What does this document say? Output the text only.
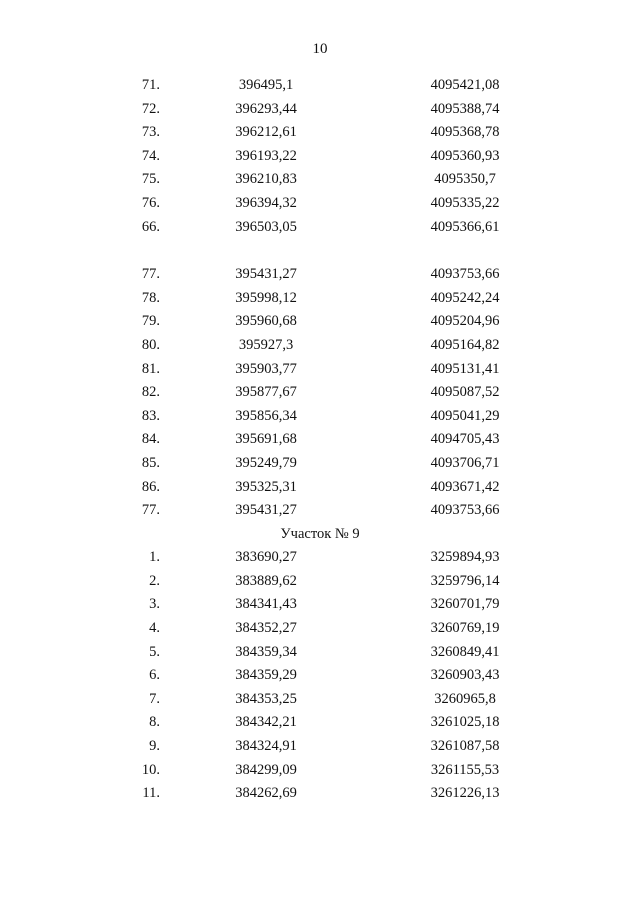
10
71.	396495,1	4095421,08
72.	396293,44	4095388,74
73.	396212,61	4095368,78
74.	396193,22	4095360,93
75.	396210,83	4095350,7
76.	396394,32	4095335,22
66.	396503,05	4095366,61
77.	395431,27	4093753,66
78.	395998,12	4095242,24
79.	395960,68	4095204,96
80.	395927,3	4095164,82
81.	395903,77	4095131,41
82.	395877,67	4095087,52
83.	395856,34	4095041,29
84.	395691,68	4094705,43
85.	395249,79	4093706,71
86.	395325,31	4093671,42
77.	395431,27	4093753,66
Участок № 9
1.	383690,27	3259894,93
2.	383889,62	3259796,14
3.	384341,43	3260701,79
4.	384352,27	3260769,19
5.	384359,34	3260849,41
6.	384359,29	3260903,43
7.	384353,25	3260965,8
8.	384342,21	3261025,18
9.	384324,91	3261087,58
10.	384299,09	3261155,53
11.	384262,69	3261226,13
